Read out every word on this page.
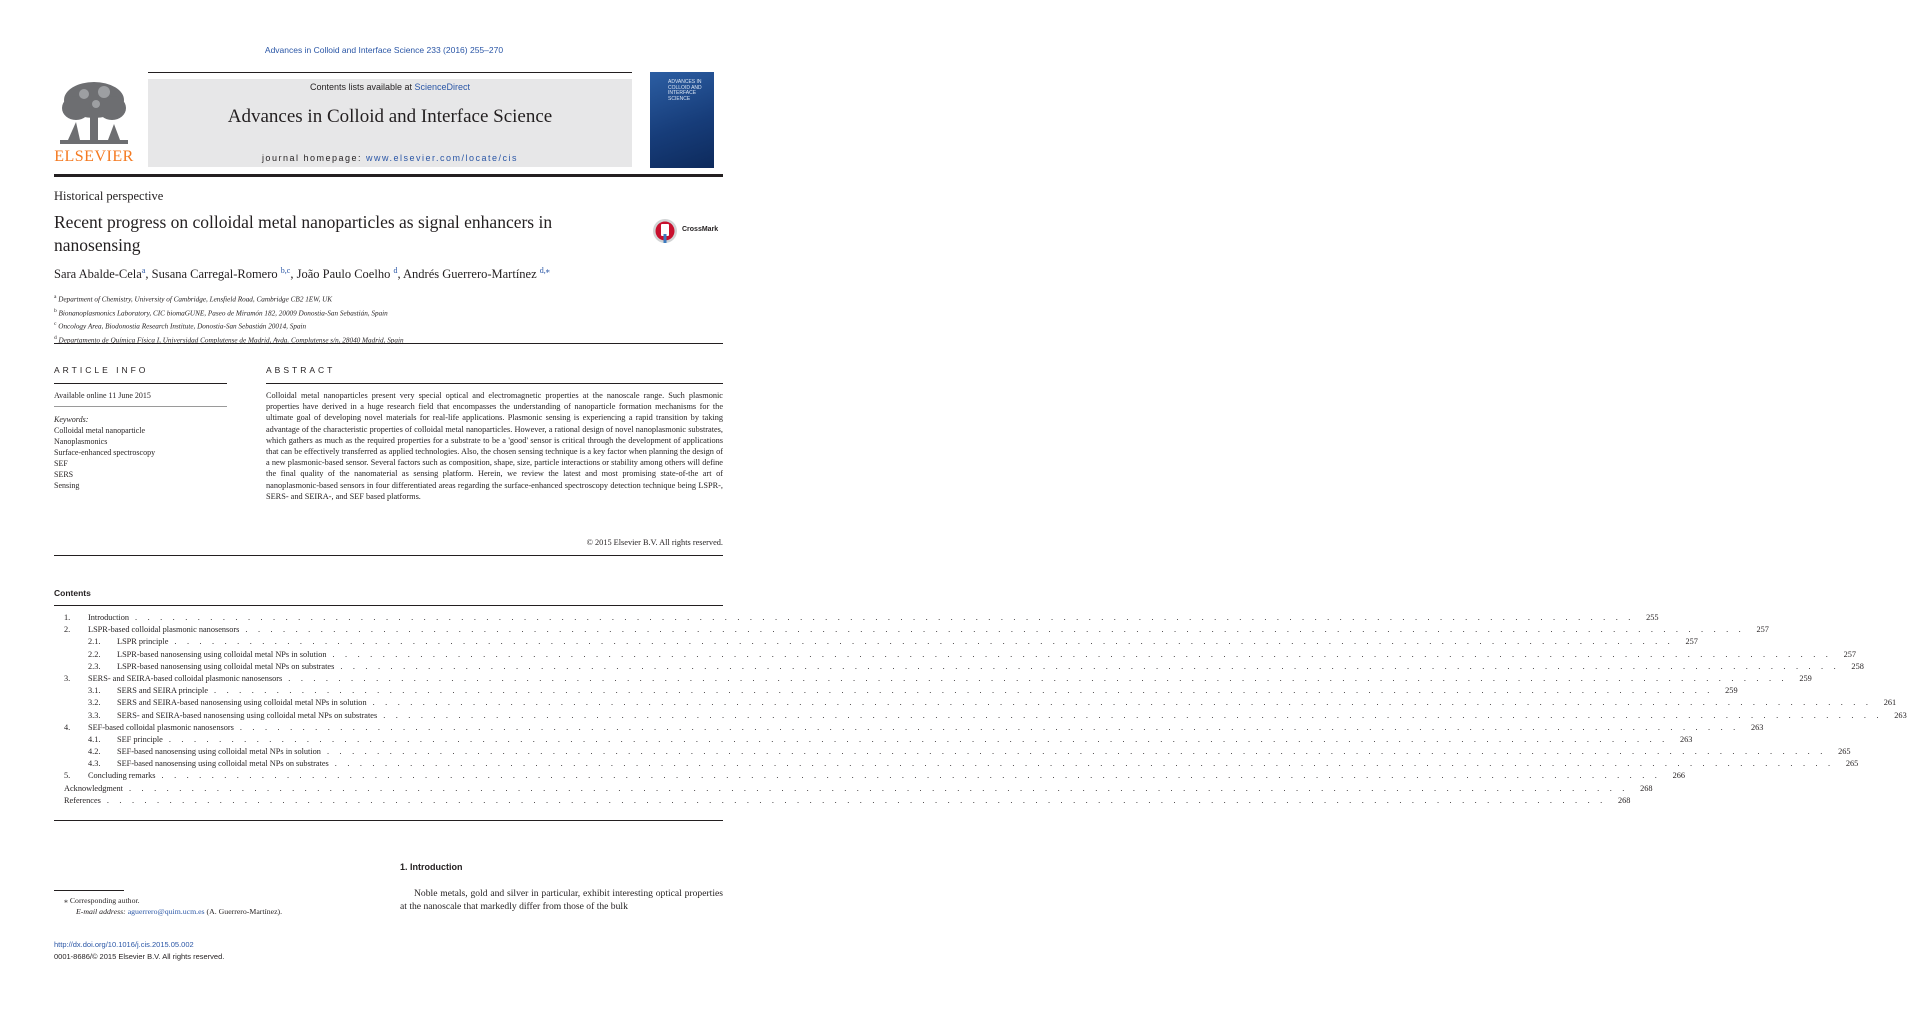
Advances in Colloid and Interface Science 233 (2016) 255–270
ELSEVIER
Contents lists available at ScienceDirect
Advances in Colloid and Interface Science
journal homepage: www.elsevier.com/locate/cis
ADVANCES IN COLLOID AND INTERFACE SCIENCE
Historical perspective
Recent progress on colloidal metal nanoparticles as signal enhancers in nanosensing
CrossMark
Sara Abalde-Cela$^a$, Susana Carregal-Romero $^{b,c}$, João Paulo Coelho $^d$, Andrés Guerrero-Martínez $^{d,⁎}$
$^a$ Department of Chemistry, University of Cambridge, Lensfield Road, Cambridge CB2 1EW, UK
$^b$ Bionanoplasmonics Laboratory, CIC biomaGUNE, Paseo de Miramón 182, 20009 Donostia-San Sebastián, Spain
$^c$ Oncology Area, Biodonostia Research Institute, Donostia-San Sebastián 20014, Spain
$^d$ Departamento de Química Física I, Universidad Complutense de Madrid, Avda. Complutense s/n, 28040 Madrid, Spain
ARTICLE INFO	ABSTRACT
Available online 11 June 2015
Keywords:
Colloidal metal nanoparticle
Nanoplasmonics
Surface-enhanced spectroscopy
SEF
SERS
Sensing
Colloidal metal nanoparticles present very special optical and electromagnetic properties at the nanoscale range. Such plasmonic properties have derived in a huge research field that encompasses the understanding of nanoparticle formation mechanisms for the ultimate goal of developing novel materials for real-life applications. Plasmonic sensing is experiencing a rapid transition by taking advantage of the characteristic properties of colloidal metal nanoparticles. However, a rational design of novel nanoplasmonic substrates, which gathers as much as the required properties for a substrate to be a 'good' sensor is critical through the development of applications that can be effectively transferred as applied technologies. Also, the chosen sensing technique is a key factor when planning the design of a new plasmonic-based sensor. Several factors such as composition, shape, size, particle interactions or stability among others will define the final quality of the nanomaterial as sensing platform. Herein, we review the latest and most promising state-of-the art of nanoplasmonic-based sensors in four differentiated areas regarding the surface-enhanced spectroscopy detection technique being LSPR-, SERS- and SEIRA-, and SEF based platforms.
© 2015 Elsevier B.V. All rights reserved.
Contents
1.	Introduction . . . . . . . . . . . . . . . . . . . . . . . . . . . . . . . . . . . . . . . . . . . . . . . . . . . . . . . . . . . . . . . . . . . . . . . . . . . . . . . . . . . . . . . . . . . . . . . . . . . . . . . . . . . . . . . . . . . . . . . .	255
2.	LSPR-based colloidal plasmonic nanosensors . . . . . . . . . . . . . . . . . . . . . . . . . . . . . . . . . . . . . . . . . . . . . . . . . . . . . . . . . . . . . . . . . . . . . . . . . . . . . . . . . . . . . . . . . . . . . . . . . . . . . . . . . . . . . . . . . . . . . . . .	257
2.1.	LSPR principle . . . . . . . . . . . . . . . . . . . . . . . . . . . . . . . . . . . . . . . . . . . . . . . . . . . . . . . . . . . . . . . . . . . . . . . . . . . . . . . . . . . . . . . . . . . . . . . . . . . . . . . . . . . . . . . . . . . . . . . .	257
2.2.	LSPR-based nanosensing using colloidal metal NPs in solution . . . . . . . . . . . . . . . . . . . . . . . . . . . . . . . . . . . . . . . . . . . . . . . . . . . . . . . . . . . . . . . . . . . . . . . . . . . . . . . . . . . . . . . . . . . . . . . . . . . . . . . . . . . . . . . . . . . . . . . .	257
2.3.	LSPR-based nanosensing using colloidal metal NPs on substrates . . . . . . . . . . . . . . . . . . . . . . . . . . . . . . . . . . . . . . . . . . . . . . . . . . . . . . . . . . . . . . . . . . . . . . . . . . . . . . . . . . . . . . . . . . . . . . . . . . . . . . . . . . . . . . . . . . . . . . . .	258
3.	SERS- and SEIRA-based colloidal plasmonic nanosensors . . . . . . . . . . . . . . . . . . . . . . . . . . . . . . . . . . . . . . . . . . . . . . . . . . . . . . . . . . . . . . . . . . . . . . . . . . . . . . . . . . . . . . . . . . . . . . . . . . . . . . . . . . . . . . . . . . . . . . . .	259
3.1.	SERS and SEIRA principle . . . . . . . . . . . . . . . . . . . . . . . . . . . . . . . . . . . . . . . . . . . . . . . . . . . . . . . . . . . . . . . . . . . . . . . . . . . . . . . . . . . . . . . . . . . . . . . . . . . . . . . . . . . . . . . . . . . . . . . .	259
3.2.	SERS and SEIRA-based nanosensing using colloidal metal NPs in solution . . . . . . . . . . . . . . . . . . . . . . . . . . . . . . . . . . . . . . . . . . . . . . . . . . . . . . . . . . . . . . . . . . . . . . . . . . . . . . . . . . . . . . . . . . . . . . . . . . . . . . . . . . . . . . . . . . . . . . . .	261
3.3.	SERS- and SEIRA-based nanosensing using colloidal metal NPs on substrates . . . . . . . . . . . . . . . . . . . . . . . . . . . . . . . . . . . . . . . . . . . . . . . . . . . . . . . . . . . . . . . . . . . . . . . . . . . . . . . . . . . . . . . . . . . . . . . . . . . . . . . . . . . . . . . . . . . . . . . .	263
4.	SEF-based colloidal plasmonic nanosensors . . . . . . . . . . . . . . . . . . . . . . . . . . . . . . . . . . . . . . . . . . . . . . . . . . . . . . . . . . . . . . . . . . . . . . . . . . . . . . . . . . . . . . . . . . . . . . . . . . . . . . . . . . . . . . . . . . . . . . . .	263
4.1.	SEF principle . . . . . . . . . . . . . . . . . . . . . . . . . . . . . . . . . . . . . . . . . . . . . . . . . . . . . . . . . . . . . . . . . . . . . . . . . . . . . . . . . . . . . . . . . . . . . . . . . . . . . . . . . . . . . . . . . . . . . . . .	263
4.2.	SEF-based nanosensing using colloidal metal NPs in solution . . . . . . . . . . . . . . . . . . . . . . . . . . . . . . . . . . . . . . . . . . . . . . . . . . . . . . . . . . . . . . . . . . . . . . . . . . . . . . . . . . . . . . . . . . . . . . . . . . . . . . . . . . . . . . . . . . . . . . . .	265
4.3.	SEF-based nanosensing using colloidal metal NPs on substrates . . . . . . . . . . . . . . . . . . . . . . . . . . . . . . . . . . . . . . . . . . . . . . . . . . . . . . . . . . . . . . . . . . . . . . . . . . . . . . . . . . . . . . . . . . . . . . . . . . . . . . . . . . . . . . . . . . . . . . . .	265
5.	Concluding remarks . . . . . . . . . . . . . . . . . . . . . . . . . . . . . . . . . . . . . . . . . . . . . . . . . . . . . . . . . . . . . . . . . . . . . . . . . . . . . . . . . . . . . . . . . . . . . . . . . . . . . . . . . . . . . . . . . . . . . . . .	266
Acknowledgment . . . . . . . . . . . . . . . . . . . . . . . . . . . . . . . . . . . . . . . . . . . . . . . . . . . . . . . . . . . . . . . . . . . . . . . . . . . . . . . . . . . . . . . . . . . . . . . . . . . . . . . . . . . . . . . . . . . . . . . .	268
References . . . . . . . . . . . . . . . . . . . . . . . . . . . . . . . . . . . . . . . . . . . . . . . . . . . . . . . . . . . . . . . . . . . . . . . . . . . . . . . . . . . . . . . . . . . . . . . . . . . . . . . . . . . . . . . . . . . . . . . .	268
1. Introduction
Noble metals, gold and silver in particular, exhibit interesting optical properties at the nanoscale that markedly differ from those of the bulk
⁎ Corresponding author.
E-mail address: aguerrero@quim.ucm.es (A. Guerrero-Martínez).
http://dx.doi.org/10.1016/j.cis.2015.05.002
0001-8686/© 2015 Elsevier B.V. All rights reserved.
